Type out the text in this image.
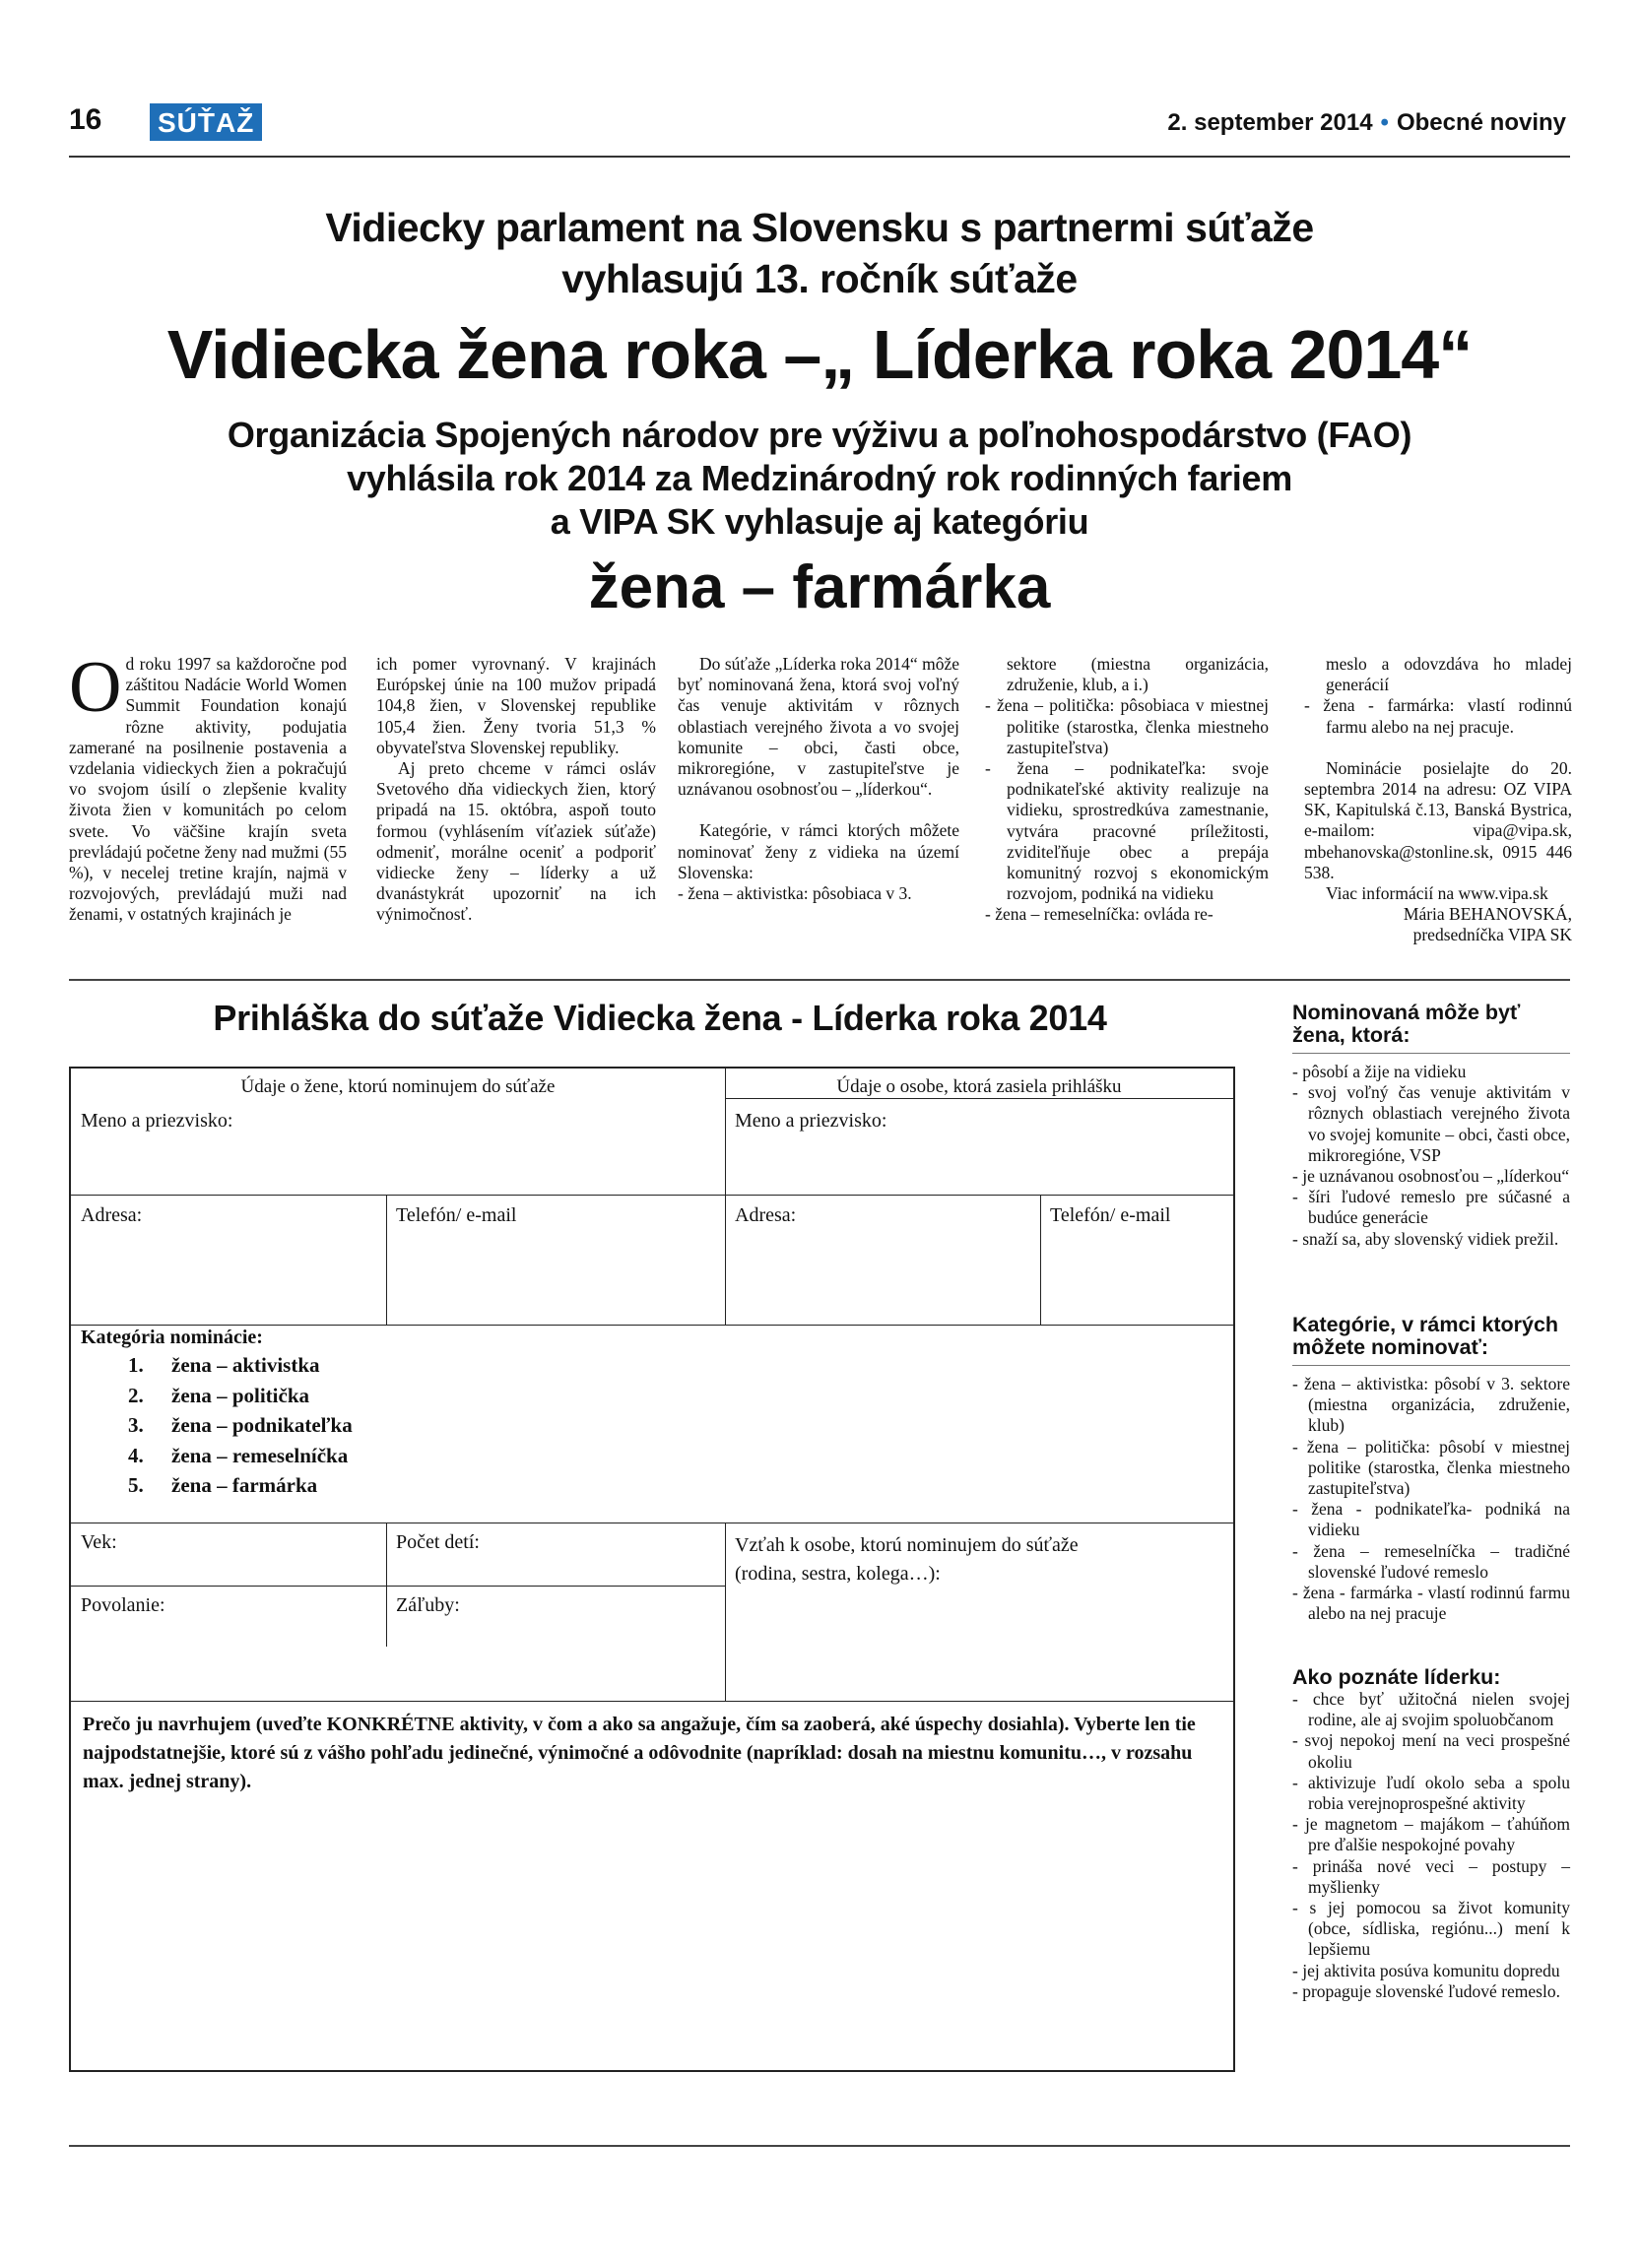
16 SÚŤAŽ	2. september 2014 • Obecné noviny
Vidiecky parlament na Slovensku s partnermi súťaže
vyhlasujú 13. ročník súťaže
Vidiecka žena roka –„ Líderka roka 2014“
Organizácia Spojených národov pre výživu a poľnohospodárstvo (FAO)
vyhlásila rok 2014 za Medzinárodný rok rodinných fariem
a VIPA SK vyhlasuje aj kategóriu
žena – farmárka

Od roku 1997 sa každoročne pod záštitou Nadácie World Women Summit Foundation konajú rôzne aktivity, podujatia zamerané na posilnenie postavenia a vzdelania vidieckych žien a pokračujú vo svojom úsilí o zlepšenie kvality života žien v komunitách po celom svete. Vo väčšine krajín sveta prevládajú početne ženy nad mužmi (55 %), v necelej tretine krajín, najmä v rozvojových, prevládajú muži nad ženami, v ostatných krajinách je

ich pomer vyrovnaný. V krajinách Európskej únie na 100 mužov pripadá 104,8 žien, v Slovenskej republike 105,4 žien. Ženy tvoria 51,3 % obyvateľstva Slovenskej republiky.

Aj preto chceme v rámci osláv Svetového dňa vidieckych žien, ktorý pripadá na 15. októbra, aspoň touto formou (vyhlásením víťaziek súťaže) odmeniť, morálne oceniť a podporiť vidiecke ženy – líderky a už dvanástykrát upozorniť na ich výnimočnosť.

Do súťaže „Líderka roka 2014“ môže byť nominovaná žena, ktorá svoj voľný čas venuje aktivitám v rôznych oblastiach verejného života a vo svojej komunite – obci, časti obce, mikroregióne, v zastupiteľstve je uznávanou osobnosťou – „líderkou“.

Kategórie, v rámci ktorých môžete nominovať ženy z vidieka na území Slovenska:

- žena – aktivistka: pôsobiaca v 3.

sektore (miestna organizácia, združenie, klub, a i.)

- žena – politička: pôsobiaca v miestnej politike (starostka, členka miestneho zastupiteľstva)

- žena – podnikateľka: svoje podnikateľské aktivity realizuje na vidieku, sprostredkúva zamestnanie, vytvára pracovné príležitosti, zviditeľňuje obec a prepája komunitný rozvoj s ekonomickým rozvojom, podniká na vidieku

- žena – remeselníčka: ovláda re-

meslo a odovzdáva ho mladej generácií

- žena - farmárka: vlastí rodinnú farmu alebo na nej pracuje.

Nominácie posielajte do 20. septembra 2014 na adresu: OZ VIPA SK, Kapitulská č.13, Banská Bystrica, e-mailom: vipa@vipa.sk, mbehanovska@stonline.sk, 0915 446 538.

Viac informácií na www.vipa.sk

Mária BEHANOVSKÁ,

predsedníčka VIPA SK

Prihláška do súťaže Vidiecka žena - Líderka roka 2014
Údaje o žene, ktorú nominujem do súťaže	Údaje o osobe, ktorá zasiela prihlášku
Meno a priezvisko:	Meno a priezvisko:
Adresa:	Telefón/ e-mail	Adresa:	Telefón/ e-mail
Kategória nominácie:
1. žena – aktivistka
2. žena – politička
3. žena – podnikateľka
4. žena – remeselníčka
5. žena – farmárka
Vek:	Počet detí:	Vzťah k osobe, ktorú nominujem do súťaže
(rodina, sestra, kolega…):
Povolanie:	Záľuby:
Prečo ju navrhujem (uveďte KONKRÉTNE aktivity, v čom a ako sa angažuje, čím sa zaoberá, aké úspechy dosiahla). Vyberte len tie najpodstatnejšie, ktoré sú z vášho pohľadu jedinečné, výnimočné a odôvodnite (napríklad: dosah na miestnu komunitu…, v rozsahu max. jednej strany).
Nominovaná môže byť žena, ktorá:
- pôsobí a žije na vidieku
- svoj voľný čas venuje aktivitám v rôznych oblastiach verejného života vo svojej komunite – obci, časti obce, mikroregióne, VSP
- je uznávanou osobnosťou – „líderkou“
- šíri ľudové remeslo pre súčasné a budúce generácie
- snaží sa, aby slovenský vidiek prežil.
Kategórie, v rámci ktorých môžete nominovať:
- žena – aktivistka: pôsobí v 3. sektore (miestna organizácia, združenie, klub)
- žena – politička: pôsobí v miestnej politike (starostka, členka miestneho zastupiteľstva)
- žena - podnikateľka- podniká na vidieku
- žena – remeselníčka – tradičné slovenské ľudové remeslo
- žena - farmárka - vlastí rodinnú farmu alebo na nej pracuje
Ako poznáte líderku:
- chce byť užitočná nielen svojej rodine, ale aj svojim spoluobčanom
- svoj nepokoj mení na veci prospešné okoliu
- aktivizuje ľudí okolo seba a spolu robia verejnoprospešné aktivity
- je magnetom – majákom – ťahúňom pre ďalšie nespokojné povahy
- prináša nové veci – postupy – myšlienky
- s jej pomocou sa život komunity (obce, sídliska, regiónu...) mení k lepšiemu
- jej aktivita posúva komunitu dopredu
- propaguje slovenské ľudové remeslo.
